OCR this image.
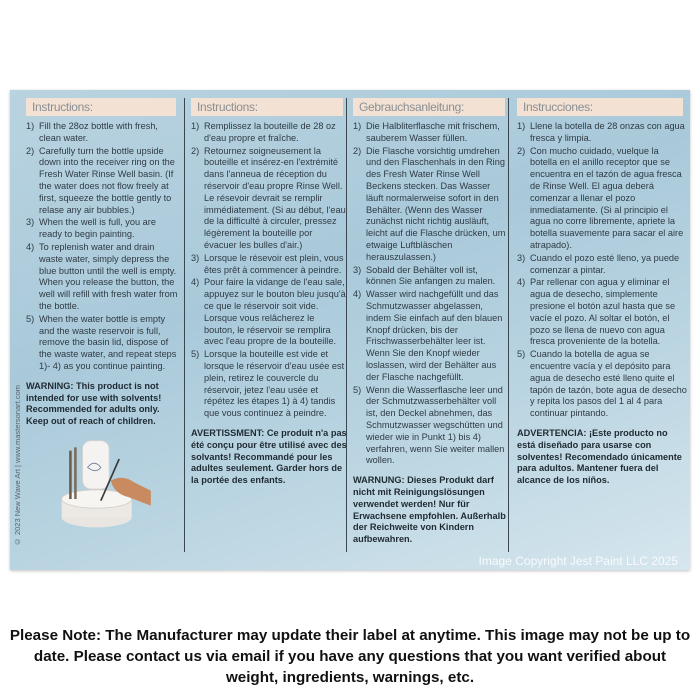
© 2023 New Wave Art | www.mastersonart.com
Instructions:
1) Fill the 28oz bottle with fresh, clean water.
2) Carefully turn the bottle upside down into the receiver ring on the Fresh Water Rinse Well basin. (If the water does not flow freely at first, squeeze the bottle gently to relase any air bubbles.)
3) When the well is full, you are ready to begin painting.
4) To replenish water and drain waste water, simply depress the blue button until the well is empty. When you release the button, the well will refill with fresh water from the bottle.
5) When the water bottle is empty and the waste reservoir is full, remove the basin lid, dispose of the waste water, and repeat steps 1)- 4) as you continue painting.
WARNING: This product is not intended for use with solvents! Recommended for adults only. Keep out of reach of children.
Instructions:
1) Remplissez la bouteille de 28 oz d'eau propre et fraîche.
2) Retournez soigneusement la bouteille et insérez-en l'extrémité dans l'anneua de réception du réservoir d'eau propre Rinse Well. Le résevoir devrait se remplir immédiatement. (Si au début, l'eau de la difficulté à circuler, pressez légèrement la bouteille por évacuer les bulles d'air.)
3) Lorsque le résevoir est plein, vous êtes prêt à commencer à peindre.
4) Pour faire la vidange de l'eau sale, appuyez sur le bouton bleu jusqu'à ce que le réservoir soit vide. Lorsque vous relâcherez le bouton, le réservoir se remplira avec l'eau propre de la bouteille.
5) Lorsque la bouteille est vide et lorsque le réservoir d'eau usée est plein, retirez le couvercle du réservoir, jetez l'eau usée et répétez les étapes 1) à 4) tandis que vous continuez à peindre.
AVERTISSMENT: Ce produit n'a pas été conçu pour être utilisé avec des solvants! Recommandé pour les adultes seulement. Garder hors de la portée des enfants.
Gebrauchsanleitung:
1) Die Halbliterflasche mit frischem, sauberem Wasser füllen.
2) Die Flasche vorsichtig umdrehen und den Flaschenhals in den Ring des Fresh Water Rinse Well Beckens stecken. Das Wasser läuft normalerweise sofort in den Behälter. (Wenn des Wasser zunächst nicht richtig ausläuft, leicht auf die Flasche drücken, um etwaige Luftbläschen herauszulassen.)
3) Sobald der Behälter voll ist, können Sie anfangen zu malen.
4) Wasser wird nachgefüllt und das Schmutzwasser abgelassen, indem Sie einfach auf den blauen Knopf drücken, bis der Frischwasserbehälter leer ist. Wenn Sie den Knopf wieder loslassen, wird der Behälter aus der Flasche nachgefüllt.
5) Wenn die Wasserflasche leer und der Schmutzwasserbehälter voll ist, den Deckel abnehmen, das Schmutzwasser wegschütten und wieder wie in Punkt 1) bis 4) verfahren, wenn Sie weiter mallen wollen.
WARNUNG: Dieses Produkt darf nicht mit Reinigungslösungen verwendet werden! Nur für Erwachsene empfohlen. Außerhalb der Reichweite von Kindern aufbewahren.
Instrucciones:
1) Llene la botella de 28 onzas con agua fresca y limpia.
2) Con mucho cuidado, vuelque la botella en el anillo receptor que se encuentra en el tazón de agua fresca de Rinse Well. El agua deberá comenzar a llenar el pozo inmediatamente. (Si al principio el agua no corre libremente, apriete la botella suavemente para sacar el aire atrapado).
3) Cuando el pozo esté lleno, ya puede comenzar a pintar.
4) Par rellenar con agua y eliminar el agua de desecho, simplemente presione el botón azul hasta que se vacíe el pozo. Al soltar el botón, el pozo se llena de nuevo con agua fresca proveniente de la botella.
5) Cuando la botella de agua se encuentre vacía y el depósito para agua de desecho esté lleno quite el tapón de tazón, bote agua de desecho y repita los pasos del 1 al 4 para continuar pintando.
ADVERTENCIA: ¡Este producto no está diseñado para usarse con solventes! Recomendado únicamente para adultos. Mantener fuera del alcance de los niños.
Image Copyright Jest Paint LLC 2025
Please Note: The Manufacturer may update their label at anytime. This image may not be up to date. Please contact us via email if you have any questions that you want verified about weight, ingredients, warnings, etc.
